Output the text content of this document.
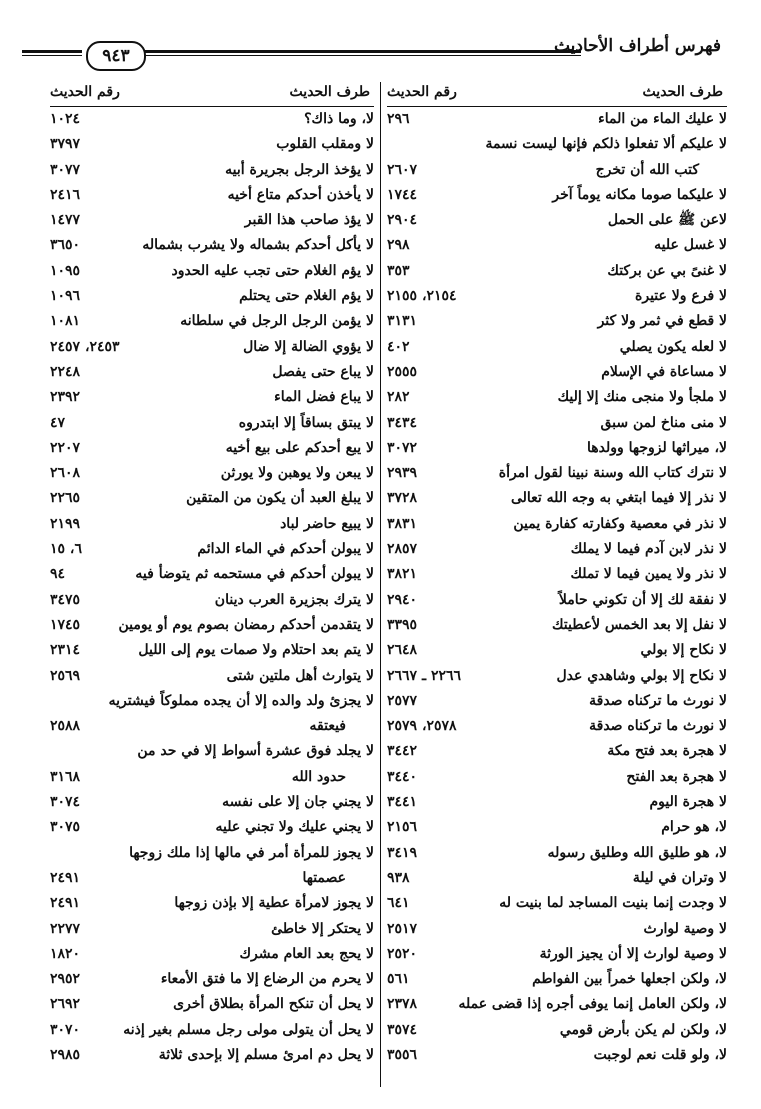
فهرس أطراف الأحاديث
٩٤٣
طرف الحديث
رقم الحديث
لا عليك الماء من الماء
٢٩٦
لا عليكم ألا تفعلوا ذلكم فإنها ليست نسمة
كتب الله أن تخرج
٢٦٠٧
لا عليكما صوما مكانه يوماً آخر
١٧٤٤
لاعن ﷺ على الحمل
٢٩٠٤
لا غسل عليه
٢٩٨
لا غنىً بي عن بركتك
٣٥٣
لا فرع ولا عتيرة
٢١٥٤، ٢١٥٥
لا قطع في ثمر ولا كثر
٣١٣١
لا لعله يكون يصلي
٤٠٢
لا مساعاة في الإسلام
٢٥٥٥
لا ملجأ ولا منجى منك إلا إليك
٢٨٢
لا منى مناخ لمن سبق
٣٤٣٤
لا، ميراثها لزوجها وولدها
٣٠٧٢
لا نترك كتاب الله وسنة نبينا لقول امرأة
٢٩٣٩
لا نذر إلا فيما ابتغي به وجه الله تعالى
٣٧٢٨
لا نذر في معصية وكفارته كفارة يمين
٣٨٣١
لا نذر لابن آدم فيما لا يملك
٢٨٥٧
لا نذر ولا يمين فيما لا تملك
٣٨٢١
لا نفقة لك إلا أن تكوني حاملاً
٢٩٤٠
لا نفل إلا بعد الخمس لأعطيتك
٣٣٩٥
لا نكاح إلا بولي
٢٦٤٨
لا نكاح إلا بولي وشاهدي عدل
٢٢٦٦ ـ ٢٦٦٧
لا نورث ما تركناه صدقة
٢٥٧٧
لا نورث ما تركناه صدقة
٢٥٧٨، ٢٥٧٩
لا هجرة بعد فتح مكة
٣٤٤٢
لا هجرة بعد الفتح
٣٤٤٠
لا هجرة اليوم
٣٤٤١
لا، هو حرام
٢١٥٦
لا، هو طليق الله وطليق رسوله
٣٤١٩
لا وتران في ليلة
٩٣٨
لا وجدت إنما بنيت المساجد لما بنيت له
٦٤١
لا وصية لوارث
٢٥١٧
لا وصية لوارث إلا أن يجيز الورثة
٢٥٢٠
لا، ولكن اجعلها خمراً بين الفواطم
٥٦١
لا، ولكن العامل إنما يوفى أجره إذا قضى عمله
٢٣٧٨
لا، ولكن لم يكن بأرض قومي
٣٥٧٤
لا، ولو قلت نعم لوجبت
٣٥٥٦
طرف الحديث
رقم الحديث
لا، وما ذاك؟
١٠٢٤
لا ومقلب القلوب
٣٧٩٧
لا يؤخذ الرجل بجريرة أبيه
٣٠٧٧
لا يأخذن أحدكم متاع أخيه
٢٤١٦
لا يؤذ صاحب هذا القبر
١٤٧٧
لا يأكل أحدكم بشماله ولا يشرب بشماله
٣٦٥٠
لا يؤم الغلام حتى تجب عليه الحدود
١٠٩٥
لا يؤم الغلام حتى يحتلم
١٠٩٦
لا يؤمن الرجل الرجل في سلطانه
١٠٨١
لا يؤوي الضالة إلا ضال
٢٤٥٣، ٢٤٥٧
لا يباع حتى يفصل
٢٢٤٨
لا يباع فضل الماء
٢٣٩٢
لا يبتق بساقاً إلا ابتدروه
٤٧
لا يبع أحدكم على بيع أخيه
٢٢٠٧
لا يبعن ولا يوهبن ولا يورثن
٢٦٠٨
لا يبلغ العبد أن يكون من المتقين
٢٢٦٥
لا يبيع حاضر لباد
٢١٩٩
لا يبولن أحدكم في الماء الدائم
٦، ١٥
لا يبولن أحدكم في مستحمه ثم يتوضأ فيه
٩٤
لا يترك بجزيرة العرب دينان
٣٤٧٥
لا يتقدمن أحدكم رمضان بصوم يوم أو يومين
١٧٤٥
لا يتم بعد احتلام ولا صمات يوم إلى الليل
٢٣١٤
لا يتوارث أهل ملتين شتى
٢٥٦٩
لا يجزئ ولد والده إلا أن يجده مملوكاً فيشتريه
فيعتقه
٢٥٨٨
لا يجلد فوق عشرة أسواط إلا في حد من
حدود الله
٣١٦٨
لا يجني جان إلا على نفسه
٣٠٧٤
لا يجني عليك ولا تجني عليه
٣٠٧٥
لا يجوز للمرأة أمر في مالها إذا ملك زوجها
عصمتها
٢٤٩١
لا يجوز لامرأة عطية إلا بإذن زوجها
٢٤٩١
لا يحتكر إلا خاطئ
٢٢٧٧
لا يحج بعد العام مشرك
١٨٢٠
لا يحرم من الرضاع إلا ما فتق الأمعاء
٢٩٥٢
لا يحل أن تنكح المرأة بطلاق أخرى
٢٦٩٢
لا يحل أن يتولى مولى رجل مسلم بغير إذنه
٣٠٧٠
لا يحل دم امرئ مسلم إلا بإحدى ثلاثة
٢٩٨٥
